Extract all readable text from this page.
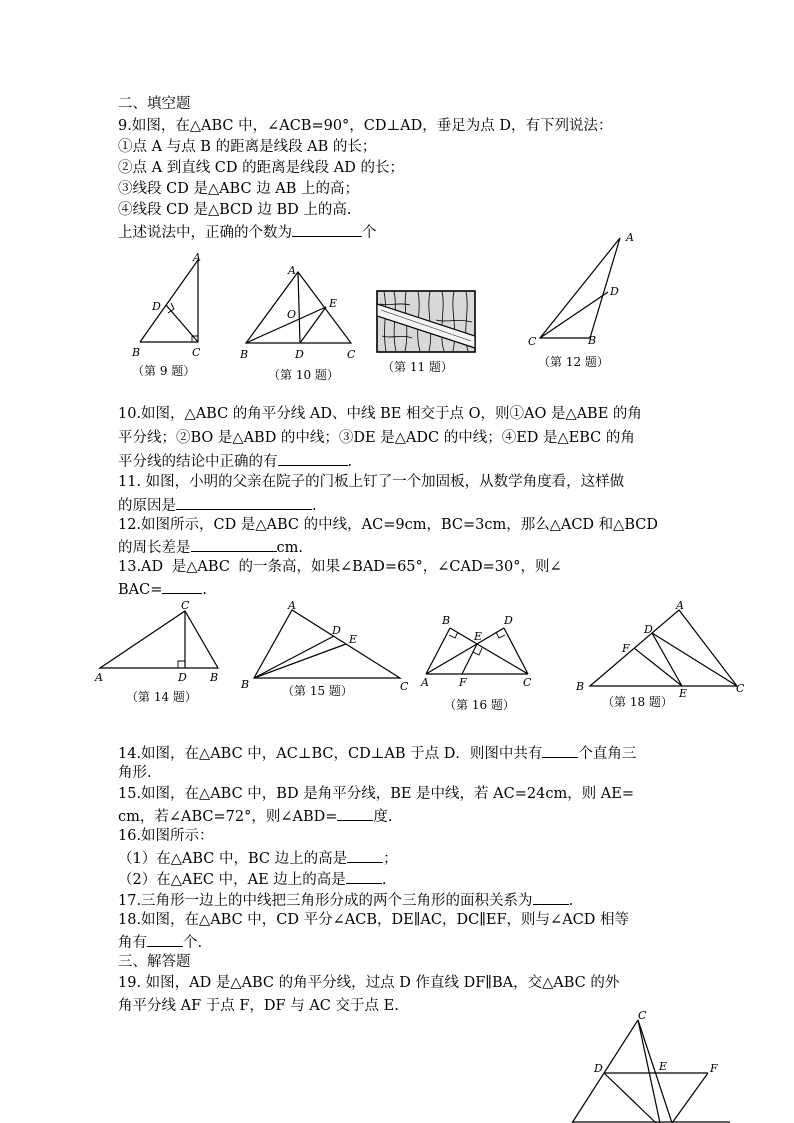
二、填空题
9.如图，在△ABC 中，∠ACB=90°，CD⊥AD，垂足为点 D，有下列说法：
①点 A 与点 B 的距离是线段 AB 的长；
②点 A 到直线 CD 的距离是线段 AD 的长；
③线段 CD 是△ABC 边 AB 上的高；
④线段 CD 是△BCD 边 BD 上的高.
上述说法中，正确的个数为	个
A
D
B	C
（第 9 题）
A
E
O
B	D	C
（第 10 题）
（第 11 题）
A
D
C	B
（第 12 题）
10.如图，△ABC 的角平分线 AD、中线 BE 相交于点 O，则①AO 是△ABE 的角
平分线；②BO 是△ABD 的中线；③DE 是△ADC 的中线；④ED 是△EBC 的角
平分线的结论中正确的有	.
11. 如图，小明的父亲在院子的门板上钉了一个加固板，从数学角度看，这样做
的原因是	.
12.如图所示，CD 是△ABC 的中线，AC=9cm，BC=3cm，那么△ACD 和△BCD
的周长差是	cm.
13.AD 是△ABC 的一条高，如果∠BAD=65°，∠CAD=30°，则∠
BAC=	.
C
A	D B
（第 14 题）
A
D
E
B	C
（第 15 题）
B	D
E
A	F	C
（第 16 题）
A
D
F
B
E	C
（第 18 题）
14.如图，在△ABC 中，AC⊥BC，CD⊥AB 于点 D．则图中共有 个直角三
角形.
15.如图，在△ABC 中，BD 是角平分线，BE 是中线，若 AC=24cm，则 AE=
cm，若∠ABC=72°，则∠ABD= 度.
16.如图所示：
（1）在△ABC 中，BC 边上的高是 ；
（2）在△AEC 中，AE 边上的高是 .
17.三角形一边上的中线把三角形分成的两个三角形的面积关系为 .
18.如图，在△ABC 中，CD 平分∠ACB，DE∥AC，DC∥EF，则与∠ACD 相等
角有 个.
三、解答题
19. 如图，AD 是△ABC 的角平分线，过点 D 作直线 DF∥BA，交△ABC 的外
角平分线 AF 于点 F，DF 与 AC 交于点 E.
C
D	E	F
